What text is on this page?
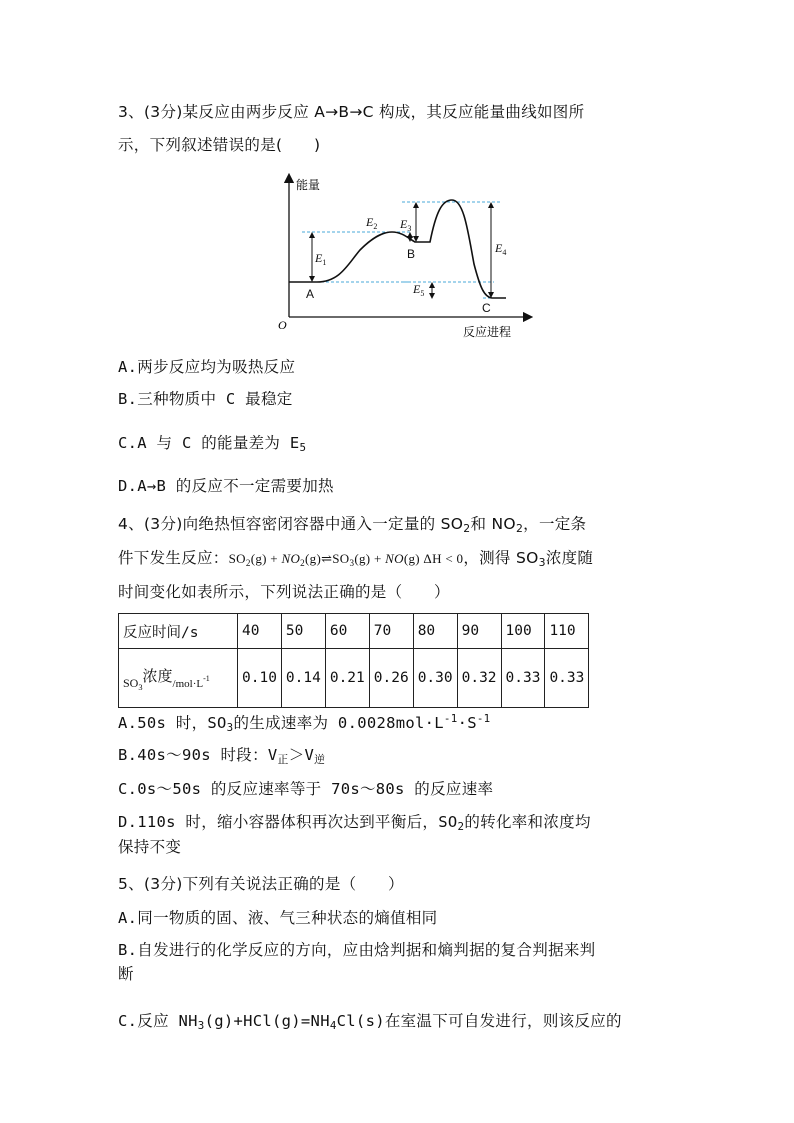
3、(3分)某反应由两步反应 A→B→C 构成，其反应能量曲线如图所
示，下列叙述错误的是(　　)
能量
反应进程
O
$E_1$
$E_2$ $E_3$
$E_4$
$E_5$
A
B
C
A.两步反应均为吸热反应
B.三种物质中 C 最稳定
C.A 与 C 的能量差为 $E_5$
D.A→B 的反应不一定需要加热
4、(3分)向绝热恒容密闭容器中通入一定量的 $SO_2$和 $NO_2$，一定条
件下发生反应：$SO_2(g)$ + $NO_2(g)\rightleftharpoons SO_3(g) + NO(g) \Delta H < 0$，测得 $SO_3$浓度随
时间变化如表所示，下列说法正确的是（　　）
反应时间/s	40	50	60	70	80	90	100	110
$SO_3$浓度$/mol\cdot L^{-1}$	0.10	0.14	0.21	0.26	0.30	0.32	0.33	0.33
A.50s 时，$SO_3$的生成速率为 $0.0028mol\cdot L^{-1}\cdot S^{-1}$
B.40s～90s 时段：$V_正>V_逆$
C.0s～50s 的反应速率等于 70s～80s 的反应速率
D.110s 时，缩小容器体积再次达到平衡后，$SO_2$的转化率和浓度均
保持不变
5、(3分)下列有关说法正确的是（　　）
A.同一物质的固、液、气三种状态的熵值相同
B.自发进行的化学反应的方向，应由焓判据和熵判据的复合判据来判
断
C.反应 $NH_3(g)+HCl(g)=NH_4Cl(s)$在室温下可自发进行，则该反应的
